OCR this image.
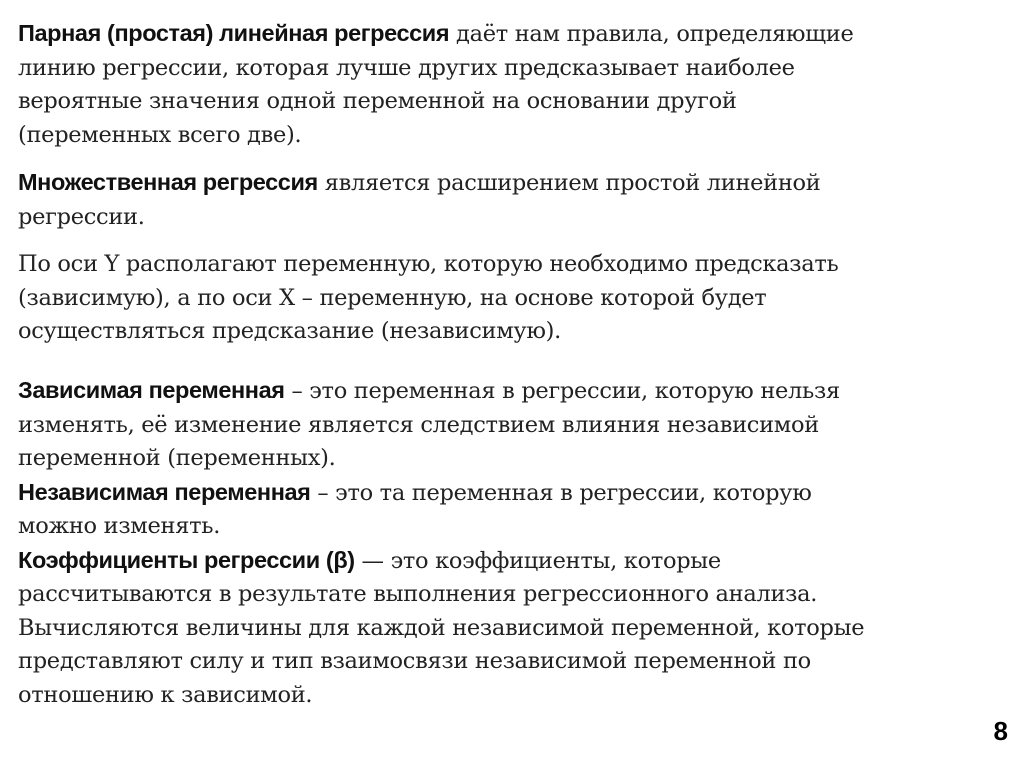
Парная (простая) линейная регрессия даёт нам правила, определяющие
линию регрессии, которая лучше других предсказывает наиболее
вероятные значения одной переменной на основании другой
(переменных всего две).
Множественная регрессия является расширением простой линейной
регрессии.
По оси Y располагают переменную, которую необходимо предсказать
(зависимую), а по оси Х – переменную, на основе которой будет
осуществляться предсказание (независимую).
Зависимая переменная – это переменная в регрессии, которую нельзя
изменять, её изменение является следствием влияния независимой
переменной (переменных).
Независимая переменная – это та переменная в регрессии, которую
можно изменять.
Коэффициенты регрессии (β) — это коэффициенты, которые
рассчитываются в результате выполнения регрессионного анализа.
Вычисляются величины для каждой независимой переменной, которые
представляют силу и тип взаимосвязи независимой переменной по
отношению к зависимой.
8
